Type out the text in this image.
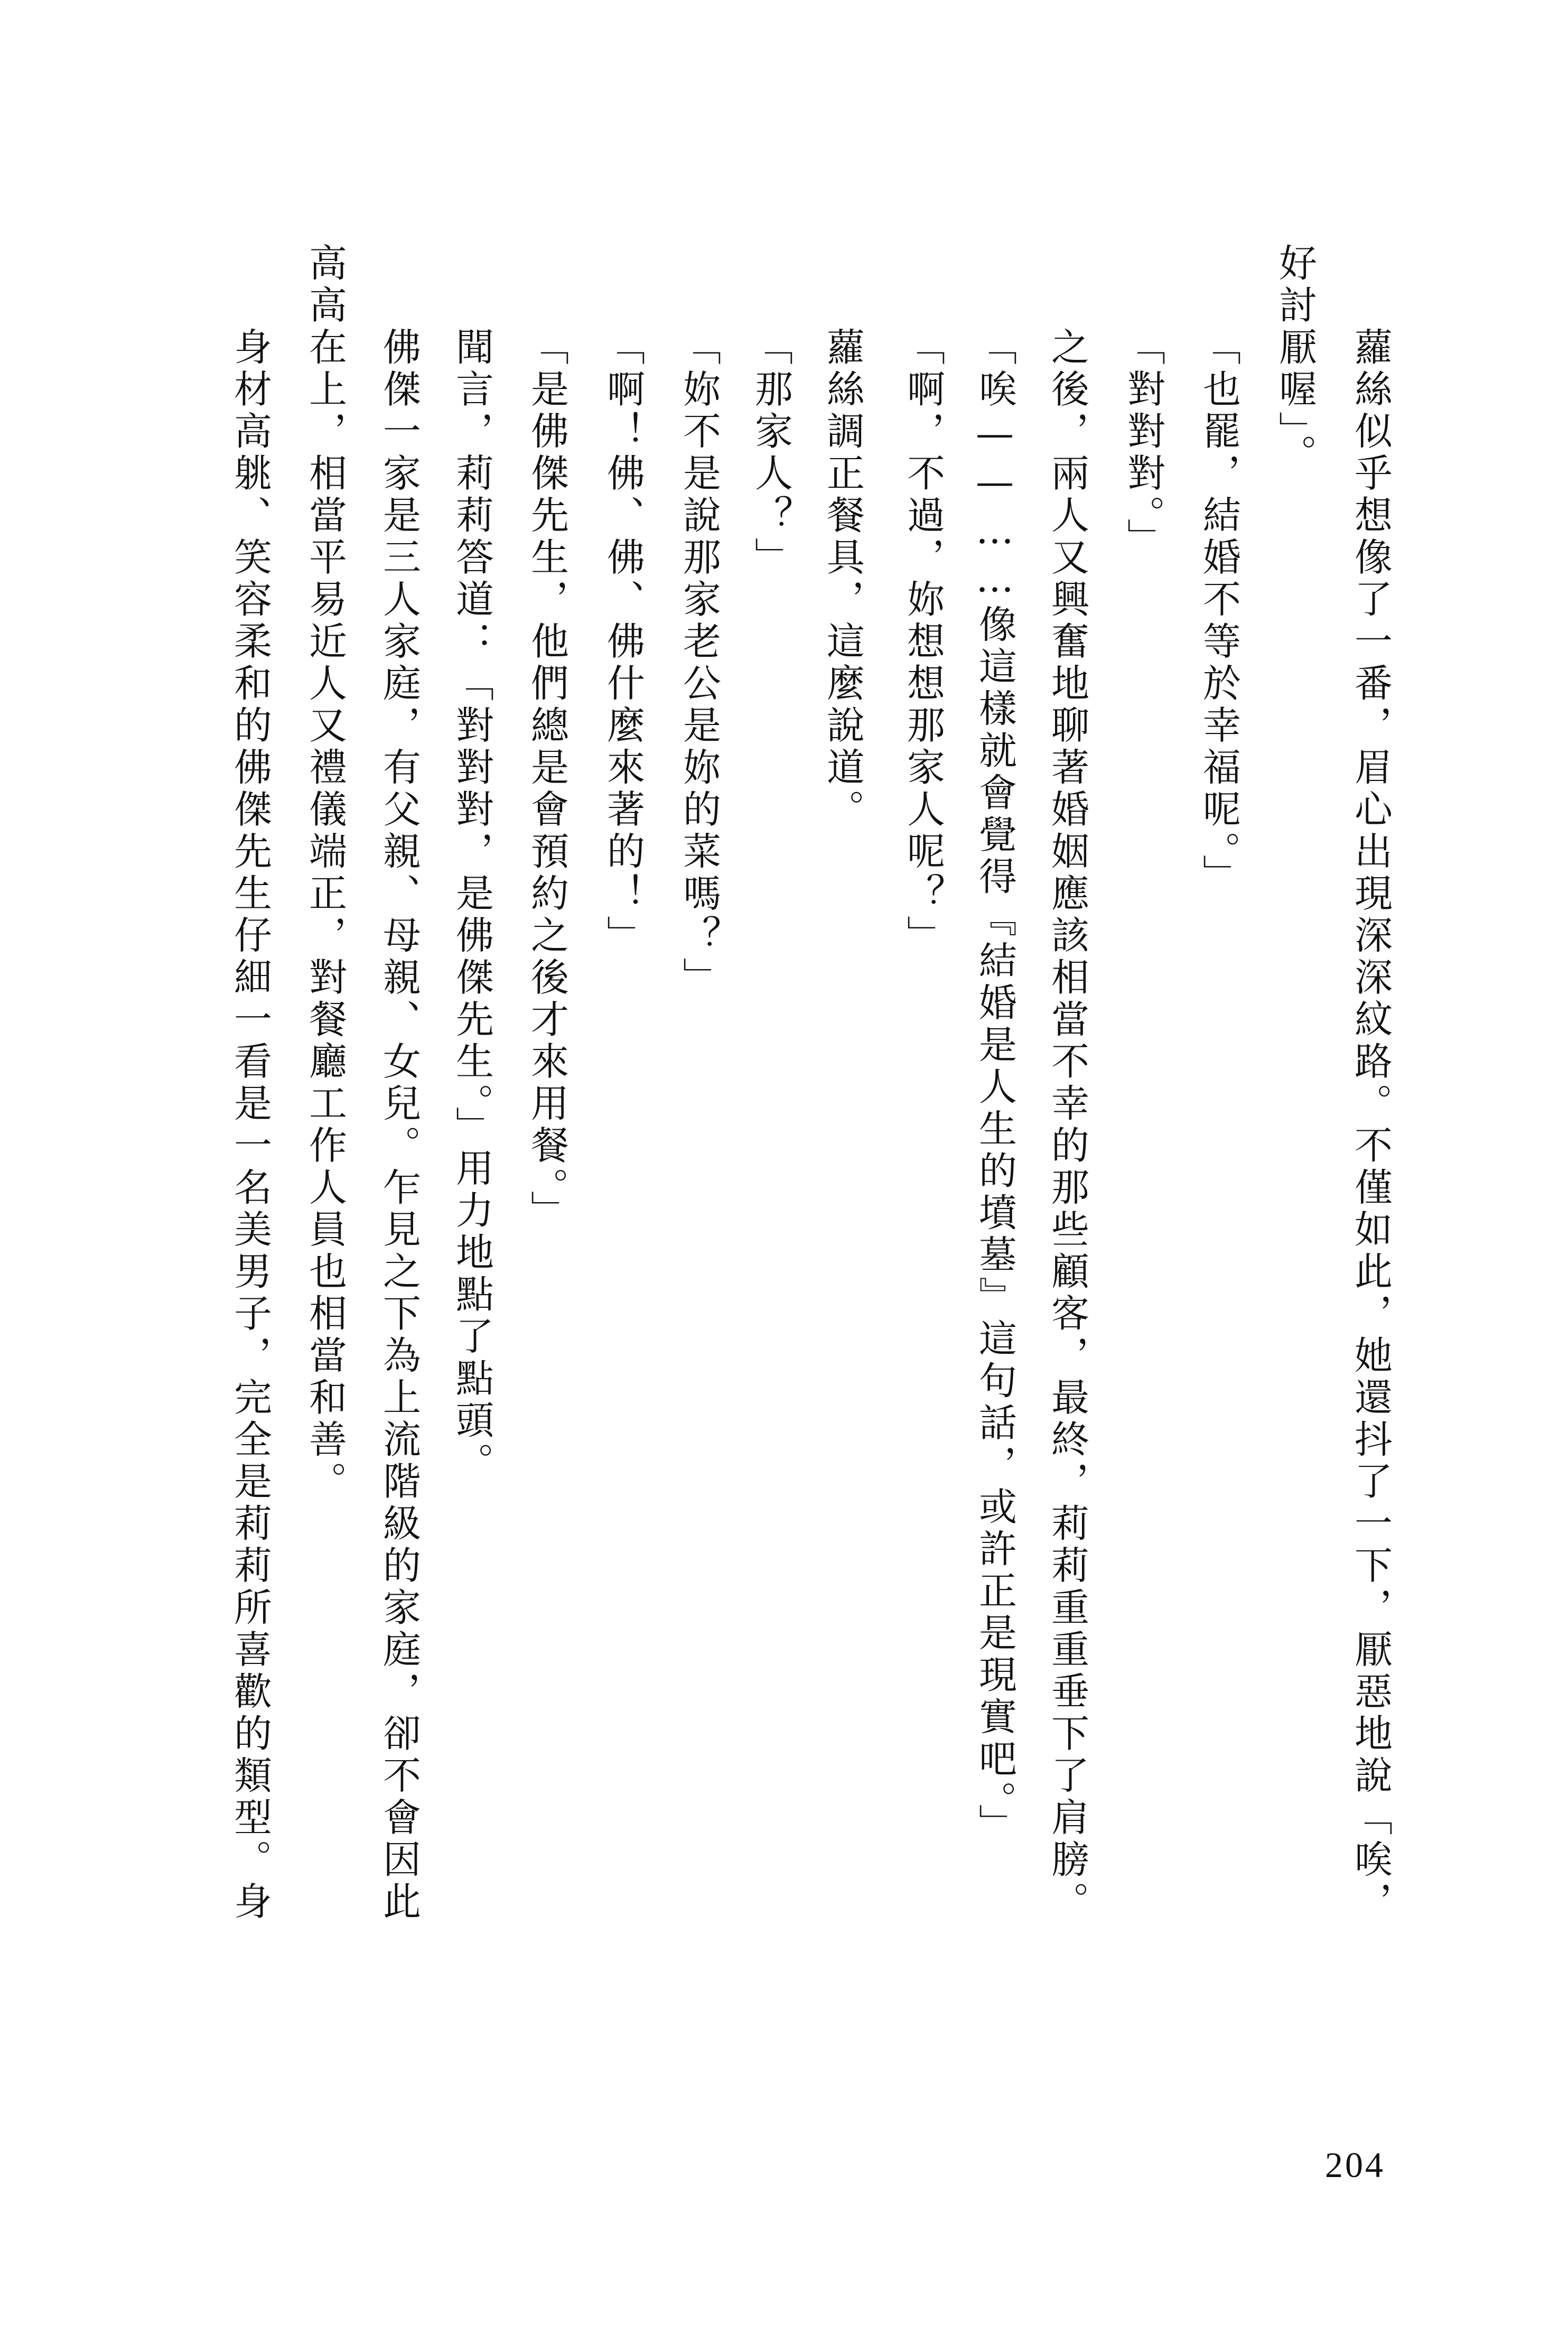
蘿絲似乎想像了一番，眉心出現深深紋路。不僅如此，她還抖了一下，厭惡地說「唉，
好討厭喔」。
「也罷，結婚不等於幸福呢。」
「對對對。」
之後，兩人又興奮地聊著婚姻應該相當不幸的那些顧客，最終，莉莉重重垂下了肩膀。
「唉——……像這樣就會覺得『結婚是人生的墳墓』這句話，或許正是現實吧。」
「啊，不過，妳想想那家人呢？」
蘿絲調正餐具，這麼說道。
「那家人？」
「妳不是說那家老公是妳的菜嗎？」
「啊！佛、佛、佛什麼來著的！」
「是佛傑先生，他們總是會預約之後才來用餐。」
聞言，莉莉答道：「對對對，是佛傑先生。」用力地點了點頭。
佛傑一家是三人家庭，有父親、母親、女兒。乍見之下為上流階級的家庭，卻不會因此
高高在上，相當平易近人又禮儀端正，對餐廳工作人員也相當和善。
身材高䠷、笑容柔和的佛傑先生仔細一看是一名美男子，完全是莉莉所喜歡的類型。身
204
